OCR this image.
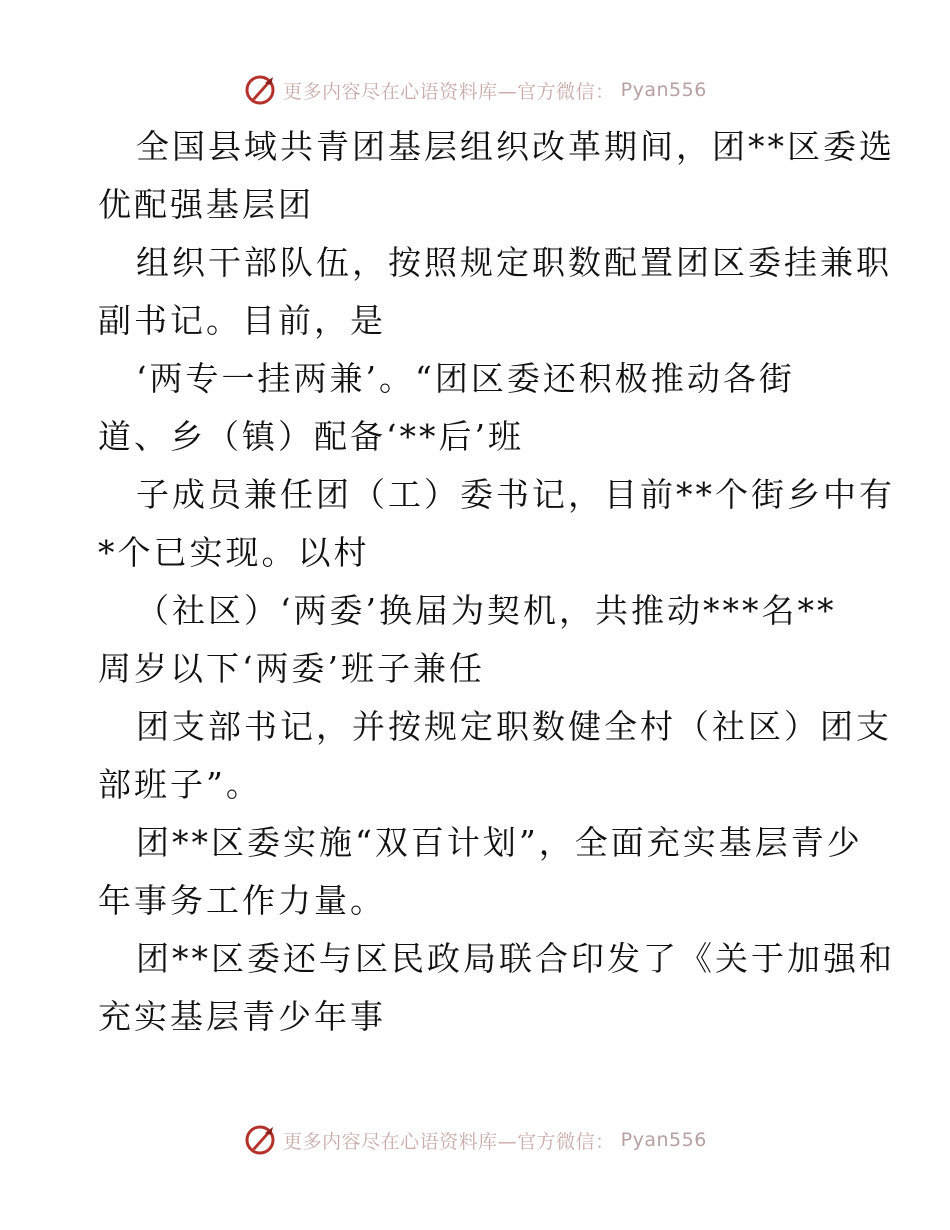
更多内容尽在心语资料库—官方微信： Pyan556

全国县域共青团基层组织改革期间，团**区委选

优配强基层团

组织干部队伍，按照规定职数配置团区委挂兼职

副书记。目前，是

‘两专一挂两兼’。“团区委还积极推动各街

道、乡（镇）配备‘**后’班

子成员兼任团（工）委书记，目前**个街乡中有

*个已实现。以村

（社区）‘两委’换届为契机，共推动***名**

周岁以下‘两委’班子兼任

团支部书记，并按规定职数健全村（社区）团支

部班子”。

团**区委实施“双百计划”，全面充实基层青少

年事务工作力量。

团**区委还与区民政局联合印发了《关于加强和

充实基层青少年事

更多内容尽在心语资料库—官方微信： Pyan556
